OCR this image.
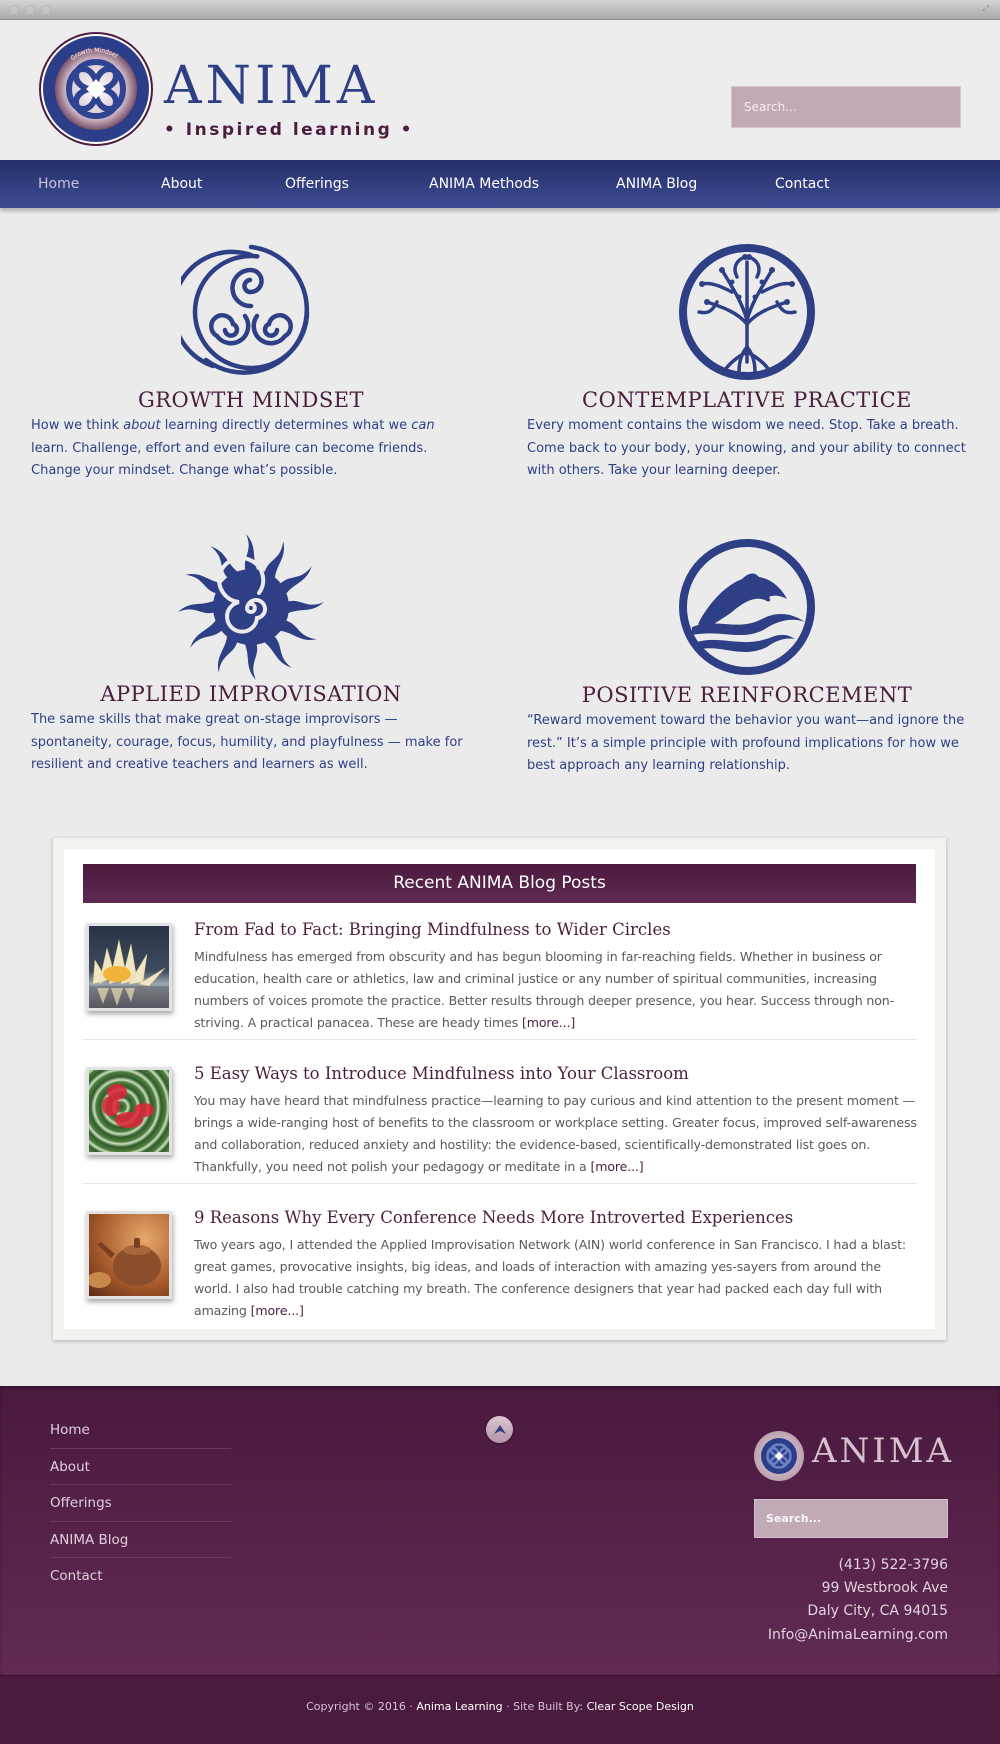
⤢
Growth Mindset ANIMA
• Inspired learning •
Search...
Home	About	Offerings	ANIMA Methods	ANIMA Blog	Contact
GROWTH MINDSET

How we think about learning directly determines what we can learn. Challenge, effort and even failure can become friends. Change your mindset. Change what’s possible.

CONTEMPLATIVE PRACTICE

Every moment contains the wisdom we need. Stop. Take a breath. Come back to your body, your knowing, and your ability to connect with others. Take your learning deeper.

APPLIED IMPROVISATION

The same skills that make great on-stage improvisors — spontaneity, courage, focus, humility, and playfulness — make for resilient and creative teachers and learners as well.

POSITIVE REINFORCEMENT

“Reward movement toward the behavior you want—and ignore the rest.” It’s a simple principle with profound implications for how we best approach any learning relationship.

Recent ANIMA Blog Posts
From Fad to Fact: Bringing Mindfulness to Wider Circles
Mindfulness has emerged from obscurity and has begun blooming in far-reaching fields. Whether in business or education, health care or athletics, law and criminal justice or any number of spiritual communities, increasing numbers of voices promote the practice. Better results through deeper presence, you hear. Success through non-striving. A practical panacea. These are heady times [more...]
5 Easy Ways to Introduce Mindfulness into Your Classroom
You may have heard that mindfulness practice—learning to pay curious and kind attention to the present moment —brings a wide-ranging host of benefits to the classroom or workplace setting. Greater focus, improved self-awareness and collaboration, reduced anxiety and hostility: the evidence-based, scientifically-demonstrated list goes on. Thankfully, you need not polish your pedagogy or meditate in a [more...]
9 Reasons Why Every Conference Needs More Introverted Experiences
Two years ago, I attended the Applied Improvisation Network (AIN) world conference in San Francisco. I had a blast: great games, provocative insights, big ideas, and loads of interaction with amazing yes-sayers from around the world. I also had trouble catching my breath. The conference designers that year had packed each day full with amazing [more...]
Home
About
Offerings
ANIMA Blog
Contact
ANIMA
Search...
(413) 522-3796
99 Westbrook Ave
Daly City, CA 94015
Info@AnimaLearning.com
Copyright © 2016 · Anima Learning · Site Built By: Clear Scope Design
